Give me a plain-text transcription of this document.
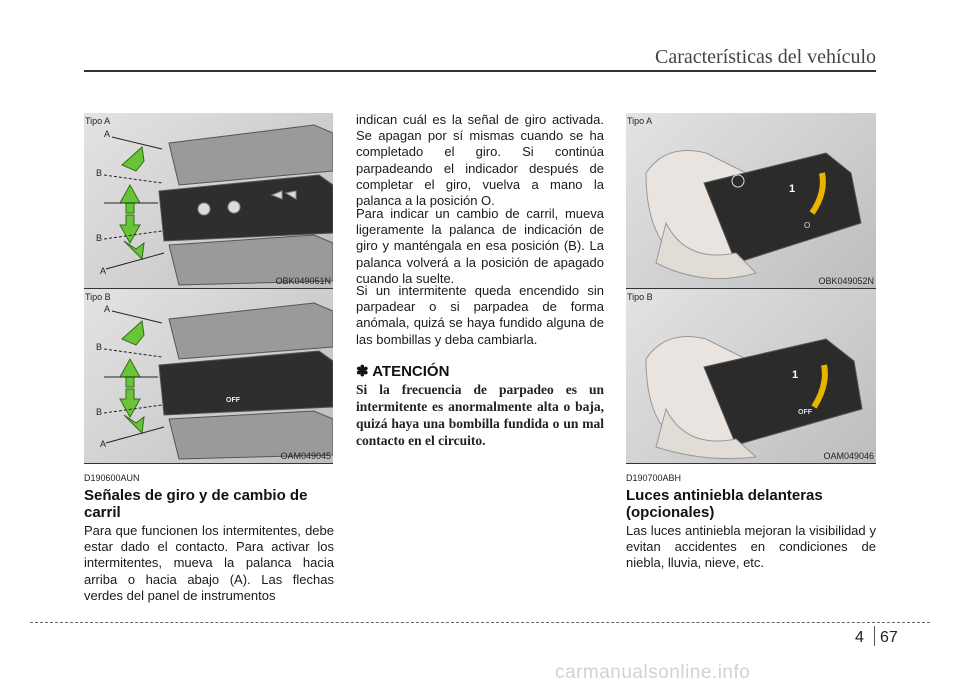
Características del vehículo
Tipo A
A
B
B
A
OBK049051N
Tipo B
A
B
B
A
OFF
OAM049045
D190600AUN
Señales de giro y de cambio de carril

Para que funcionen los intermitentes, debe estar dado el contacto. Para activar los intermitentes, mueva la palanca hacia arriba o hacia abajo (A). Las flechas verdes del panel de instrumentos

indican cuál es la señal de giro activada. Se apagan por sí mismas cuando se ha completado el giro. Si continúa parpadeando el indicador después de completar el giro, vuelva a mano la palanca a la posición O.

Para indicar un cambio de carril, mueva ligeramente la palanca de indicación de giro y manténgala en esa posición (B). La palanca volverá a la posición de apagado cuando la suelte.

Si un intermitente queda encendido sin parpadear o si parpadea de forma anómala, quizá se haya fundido alguna de las bombillas y deba cambiarla.

✽ ATENCIÓN

Si la frecuencia de parpadeo es un intermitente es anormalmente alta o baja, quizá haya una bombilla fundida o un mal contacto en el circuito.

Tipo A
1
O
OBK049052N
Tipo B
1
OFF
OAM049046
D190700ABH
Luces antiniebla delanteras (opcionales)

Las luces antiniebla mejoran la visibilidad y evitan accidentes en condiciones de niebla, lluvia, nieve, etc.

4 67
carmanualsonline.info
